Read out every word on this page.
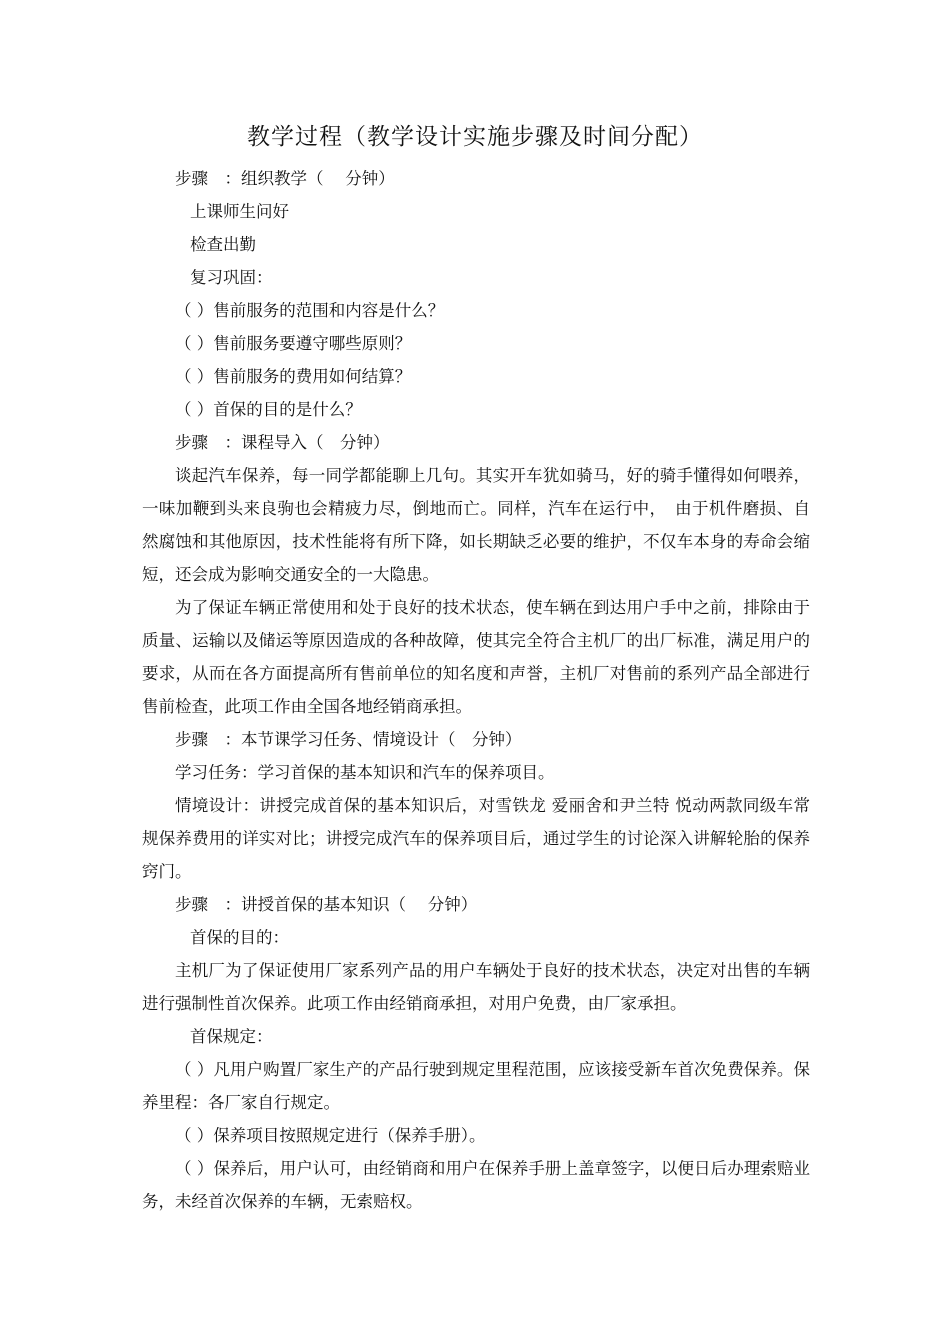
教学过程（教学设计实施步骤及时间分配）
步骤　：组织教学（　 分钟）
上课师生问好
检查出勤
复习巩固：
（ ）售前服务的范围和内容是什么？
（ ）售前服务要遵守哪些原则？
（ ）售前服务的费用如何结算？
（ ）首保的目的是什么？
步骤　：课程导入（　分钟）
谈起汽车保养，每一同学都能聊上几句。其实开车犹如骑马，好的骑手懂得如何喂养，一味加鞭到头来良驹也会精疲力尽，倒地而亡。同样，汽车在运行中，　由于机件磨损、自然腐蚀和其他原因，技术性能将有所下降，如长期缺乏必要的维护，不仅车本身的寿命会缩短，还会成为影响交通安全的一大隐患。
为了保证车辆正常使用和处于良好的技术状态，使车辆在到达用户手中之前，排除由于质量、运输以及储运等原因造成的各种故障，使其完全符合主机厂的出厂标准，满足用户的要求，从而在各方面提高所有售前单位的知名度和声誉，主机厂对售前的系列产品全部进行售前检查，此项工作由全国各地经销商承担。
步骤　：本节课学习任务、情境设计（　分钟）
学习任务：学习首保的基本知识和汽车的保养项目。
情境设计：讲授完成首保的基本知识后，对雪铁龙 爱丽舍和尹兰特 悦动两款同级车常规保养费用的详实对比；讲授完成汽车的保养项目后，通过学生的讨论深入讲解轮胎的保养窍门。
步骤　：讲授首保的基本知识（　 分钟）
首保的目的：
主机厂为了保证使用厂家系列产品的用户车辆处于良好的技术状态，决定对出售的车辆进行强制性首次保养。此项工作由经销商承担，对用户免费，由厂家承担。
首保规定：
（ ）凡用户购置厂家生产的产品行驶到规定里程范围，应该接受新车首次免费保养。保养里程：各厂家自行规定。
（ ）保养项目按照规定进行（保养手册）。
（ ）保养后，用户认可，由经销商和用户在保养手册上盖章签字，以便日后办理索赔业务，未经首次保养的车辆，无索赔权。
